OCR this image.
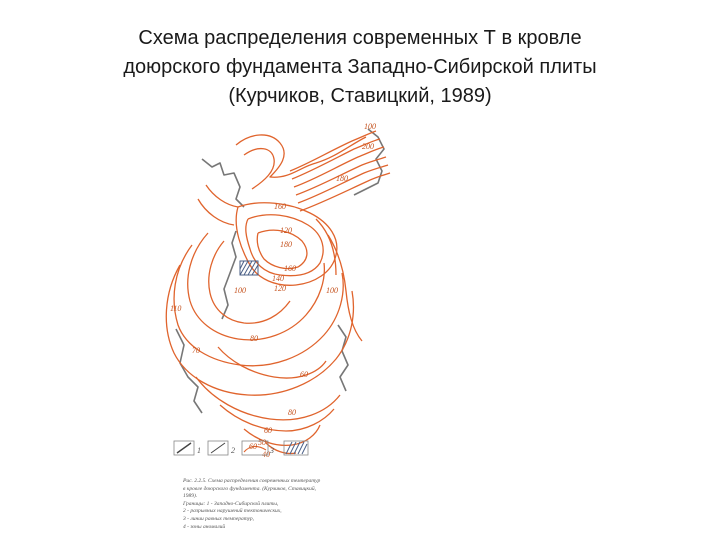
Схема распределения современных Т в кровле
доюрского фундамента Западно-Сибирской плиты
(Курчиков, Ставицкий, 1989)
100
200
180
160
180
120
160
140
120
100
110
80
60
70
80
60
50
40
100
1	2 60 3
Рис. 2.2.5. Схема распределения современных температур
в кровле доюрского фундамента. (Курчиков, Ставицкий,
1989).
Границы: 1 - Западно-Сибирской плиты,
2 - разрывных нарушений тектонических,
3 - линии равных температур,
4 - зоны аномалий
